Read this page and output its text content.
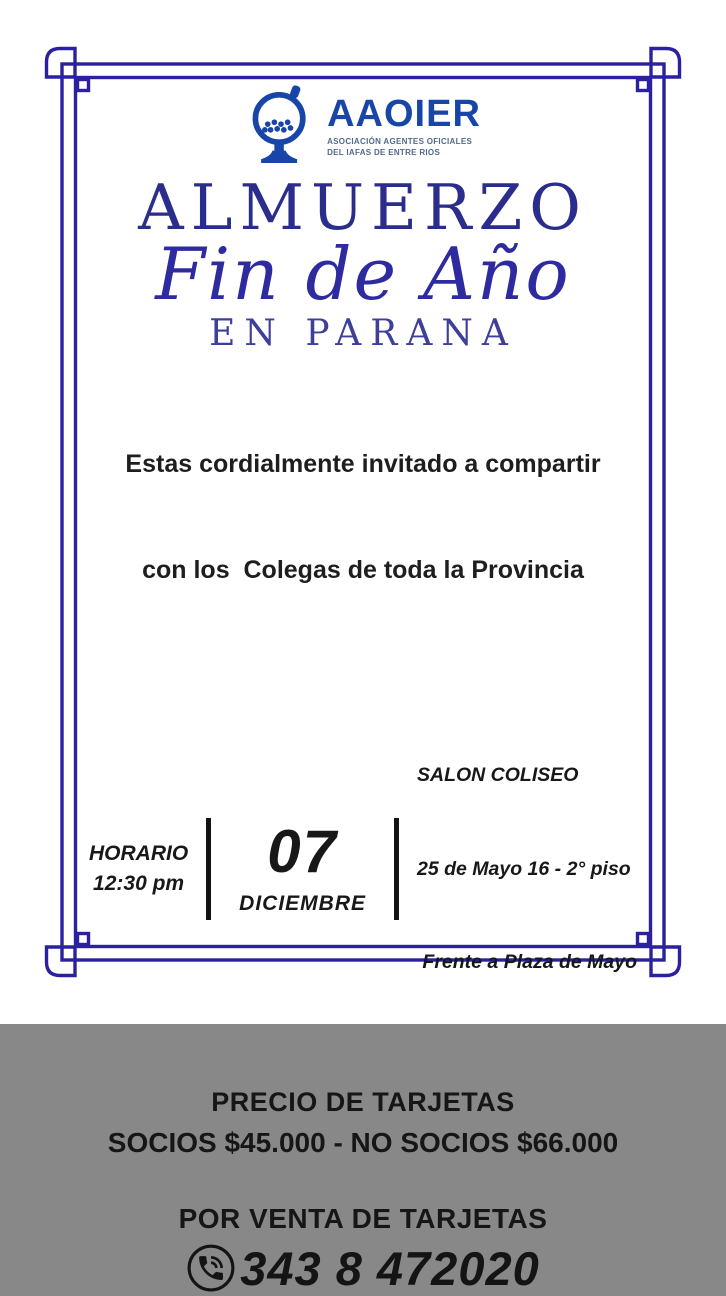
AAOIER
ASOCIACIÓN AGENTES OFICIALES
DEL IAFAS DE ENTRE RIOS
ALMUERZO
Fin de Año
EN PARANA

Estas cordialmente invitado a compartir

con los  Colegas de toda la Provincia

HORARIO
12:30 pm 07
DICIEMBRE

SALON COLISEO

25 de Mayo 16 - 2° piso

Frente a Plaza de Mayo

PRECIO DE TARJETAS
SOCIOS $45.000 - NO SOCIOS $66.000
POR VENTA DE TARJETAS
343 8 472020
